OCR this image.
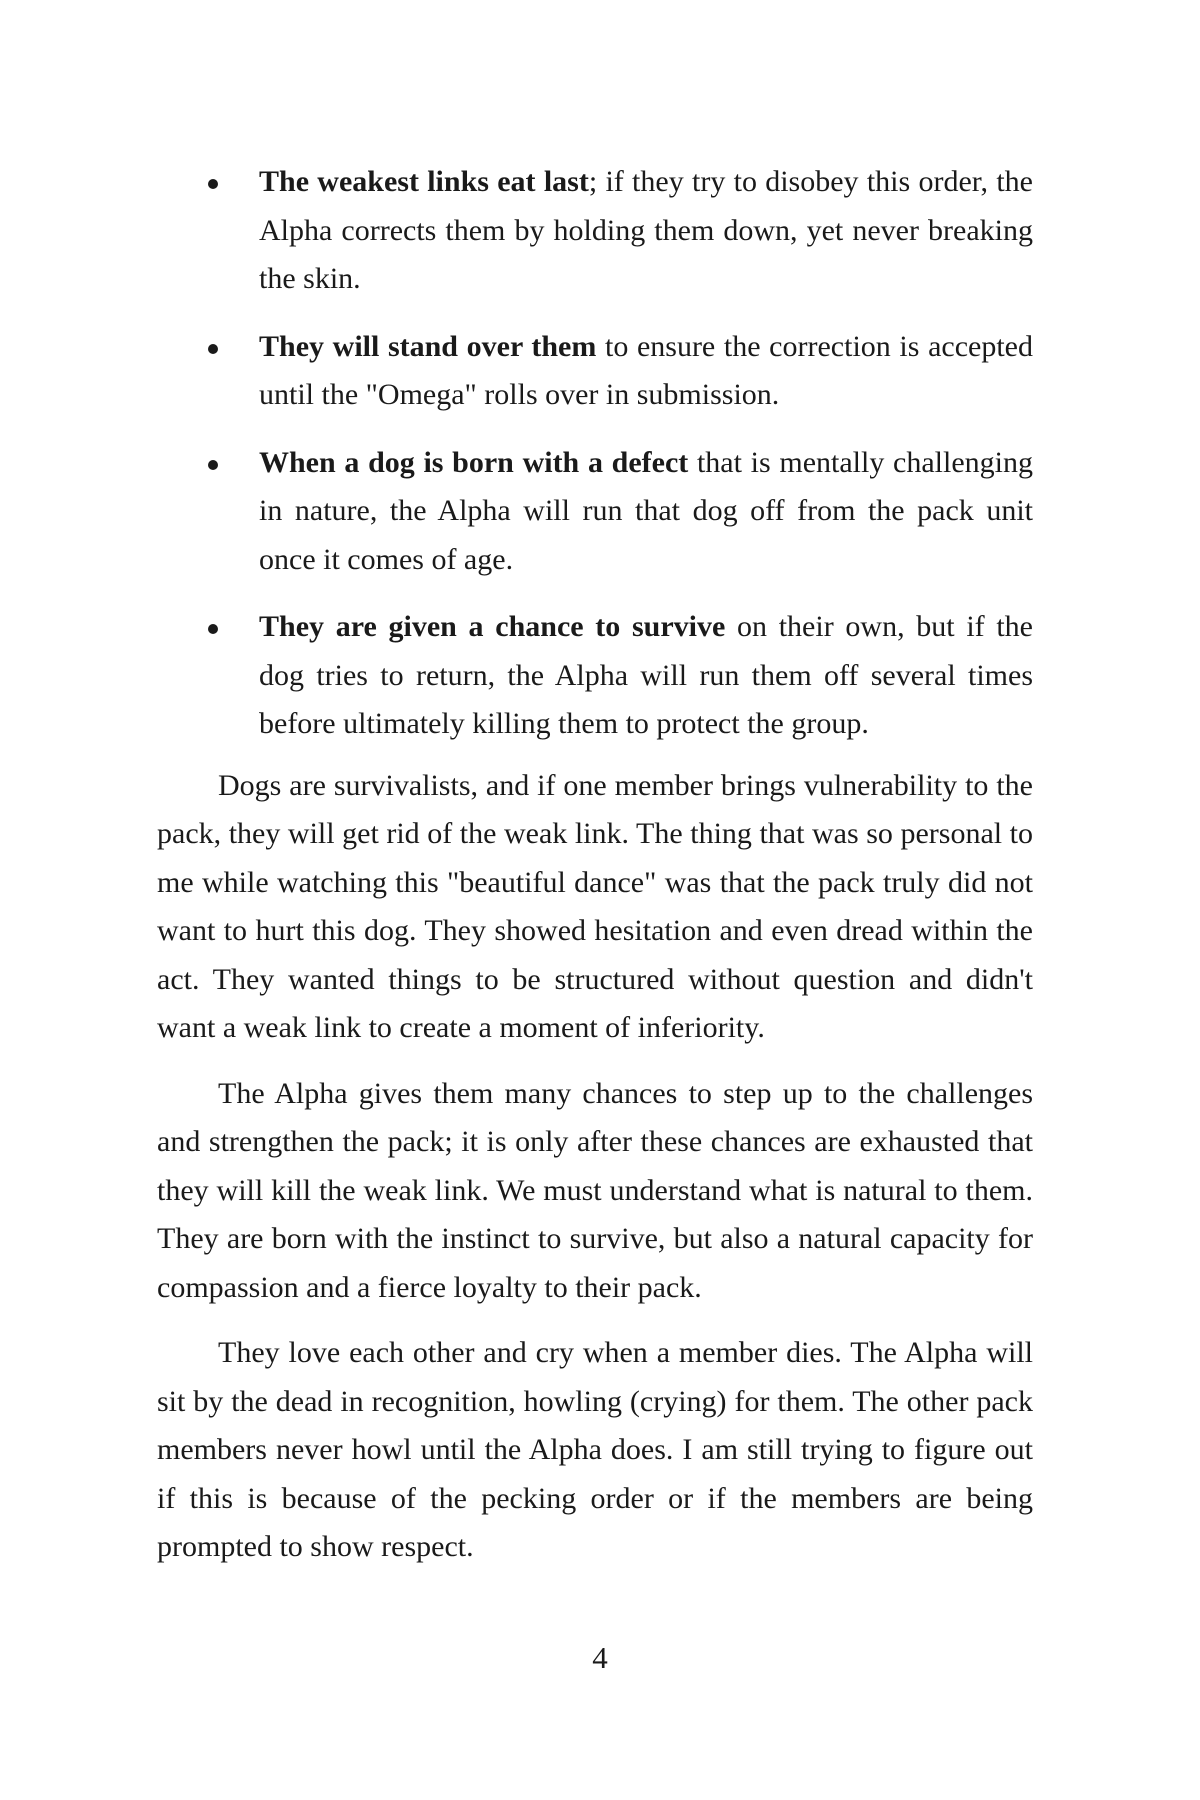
The weakest links eat last; if they try to disobey this order, the Alpha corrects them by holding them down, yet never breaking the skin.
They will stand over them to ensure the correction is accepted until the "Omega" rolls over in submission.
When a dog is born with a defect that is mentally challenging in nature, the Alpha will run that dog off from the pack unit once it comes of age.
They are given a chance to survive on their own, but if the dog tries to return, the Alpha will run them off several times before ultimately killing them to protect the group.

Dogs are survivalists, and if one member brings vulnerability to the pack, they will get rid of the weak link. The thing that was so personal to me while watching this "beautiful dance" was that the pack truly did not want to hurt this dog. They showed hesitation and even dread within the act. They wanted things to be structured without question and didn't want a weak link to create a moment of inferiority.

The Alpha gives them many chances to step up to the challenges and strengthen the pack; it is only after these chances are exhausted that they will kill the weak link. We must understand what is natural to them. They are born with the instinct to survive, but also a natural capacity for compassion and a fierce loyalty to their pack.

They love each other and cry when a member dies. The Alpha will sit by the dead in recognition, howling (crying) for them. The other pack members never howl until the Alpha does. I am still trying to figure out if this is because of the pecking order or if the members are being prompted to show respect.

4
